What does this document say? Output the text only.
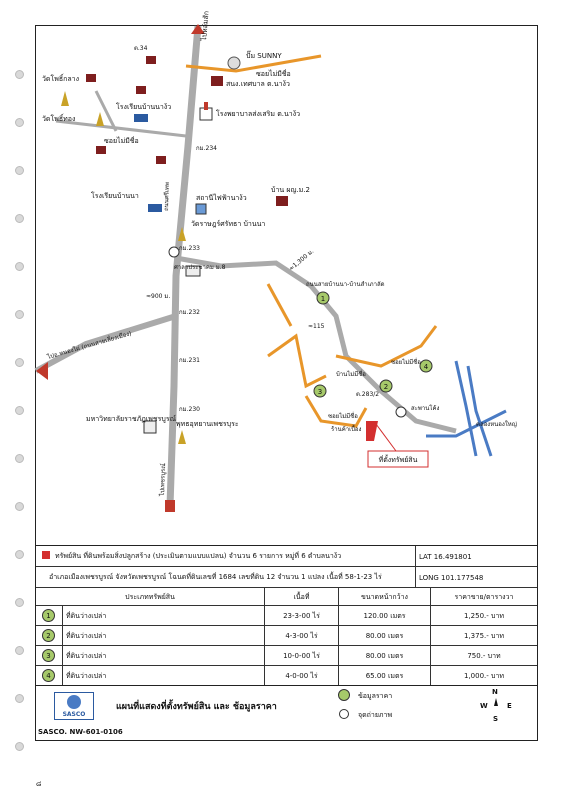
ที่ตั้งทรัพย์สิน
1
2
3
4
ไปหล่มสัก
ถนนศรีเทพ
ไปเพชรบูรณ์
ไปอ.หนองไผ่ (ถนนสายเลี่ยงเมือง)
ปั๊ม SUNNY
ซอยไม่มีชื่อ
สนง.เทศบาล ต.นาง้ว
โรงพยาบาลส่งเสริม ต.นาง้ว
วัดโพธิ์กลาง
วัดโพธิ์ทอง
โรงเรียนบ้านนาง้ว
ซอยไม่มีชื่อ
โรงเรียนบ้านนา	สถานีไฟฟ้านาง้ว
วัดราษฎร์ศรัทธา บ้านนา
บ้าน ผญ.ม.2
ศาลาประชาคม ม.8
กม.234
กม.233
กม.232
กม.231
กม.230
ต.34
≈900 ม.
≈1,300 ม.
≈115
ถนนสายบ้านนา-บ้านสำเภาลัด
ซอยไม่มีชื่อ
บ้านไม่มีชื่อ
ต.283/2
ซอยไม่มีชื่อ
ร้านค้าเบื้อง
สะพานโค้ง
คลองหนองใหญ่
มหาวิทยาลัยราชภัฏเพชรบูรณ์
พุทธอุทยานเพชรบุระ
ทรัพย์สิน ที่ดินพร้อมสิ่งปลูกสร้าง (ประเมินตามแบบแปลน) จำนวน 6 รายการ หมู่ที่ 6 ตำบลนาง้ว	LAT 16.491801
อำเภอเมืองเพชรบูรณ์ จังหวัดเพชรบูรณ์ โฉนดที่ดินเลขที่ 1684 เลขที่ดิน 12 จำนวน 1 แปลง เนื้อที่ 58-1-23 ไร่	LONG 101.177548
ประเภททรัพย์สิน	เนื้อที่	ขนาดหน้ากว้าง	ราคาขาย/ตารางวา
1	ที่ดินว่างเปล่า	23-3-00 ไร่	120.00 เมตร	1,250.- บาท
2	ที่ดินว่างเปล่า	4-3-00 ไร่	80.00 เมตร	1,375.- บาท
3	ที่ดินว่างเปล่า	10-0-00 ไร่	80.00 เมตร	750.- บาท
4	ที่ดินว่างเปล่า	4-0-00 ไร่	65.00 เมตร	1,000.- บาท
SASCO
แผนที่แสดงที่ตั้งทรัพย์สิน และ ช้อมูลราคา
ข้อมูลราคา
จุดถ่ายภาพ
N
W	E
S
SASCO. NW-601-0106
๘
